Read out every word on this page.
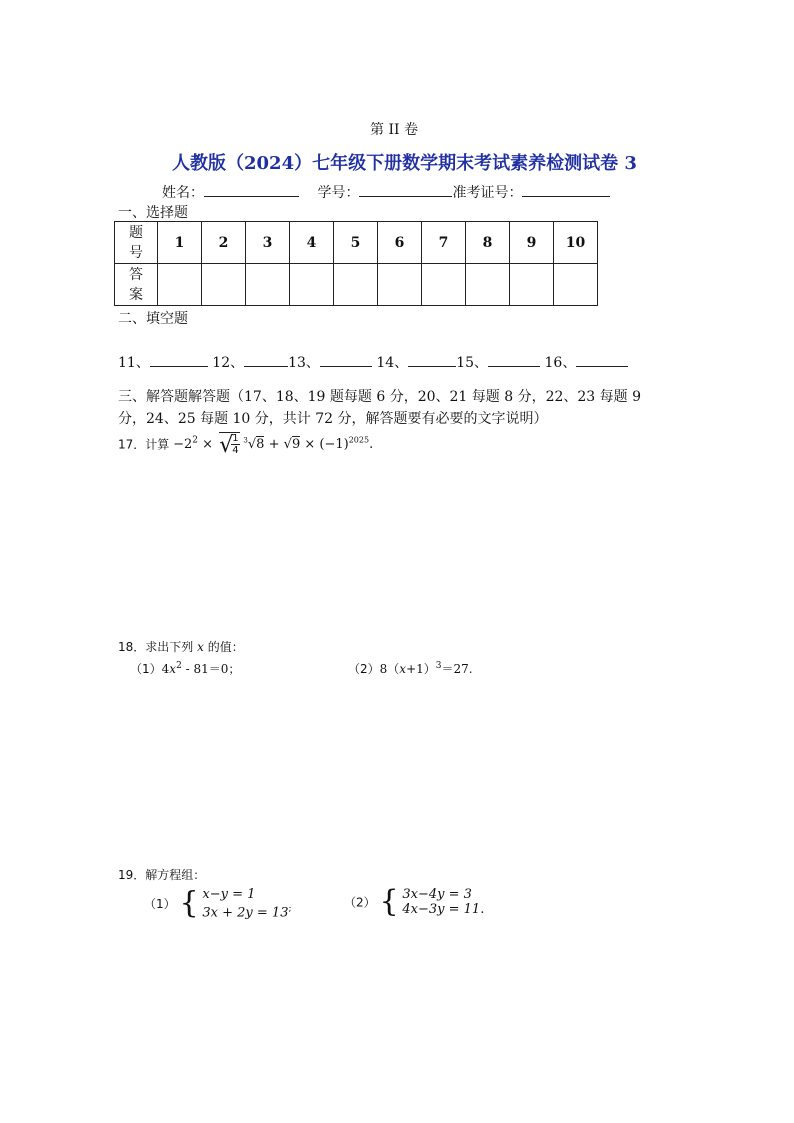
第 II 卷
人教版（2024）七年级下册数学期末考试素养检测试卷 3
姓名：	学号：	准考证号：
一、选择题
题
号	1	2	3	4	5	6	7	8	9	10

答
案										

二、填空题
11、	12、	13、	14、	15、	16、
三、解答题解答题（17、18、19 题每题 6 分，20、21 每题 8 分，22、23 每题 9
分，24、25 每题 10 分，共计 72 分，解答题要有必要的文字说明）
17．计算 $-2^2$ × √
$\frac{1}{4} ^3√8 + √9 \times (-1)^{2025}$.
18．求出下列 x 的值：
$(1)4x^2 - 81=0$；	$(2)8(x+1)^3=27$.
19．解方程组：
（1） { x−y = 1
3x + 2y = 13;	（2） { 3x−4y = 3
4x−3y = 11.
